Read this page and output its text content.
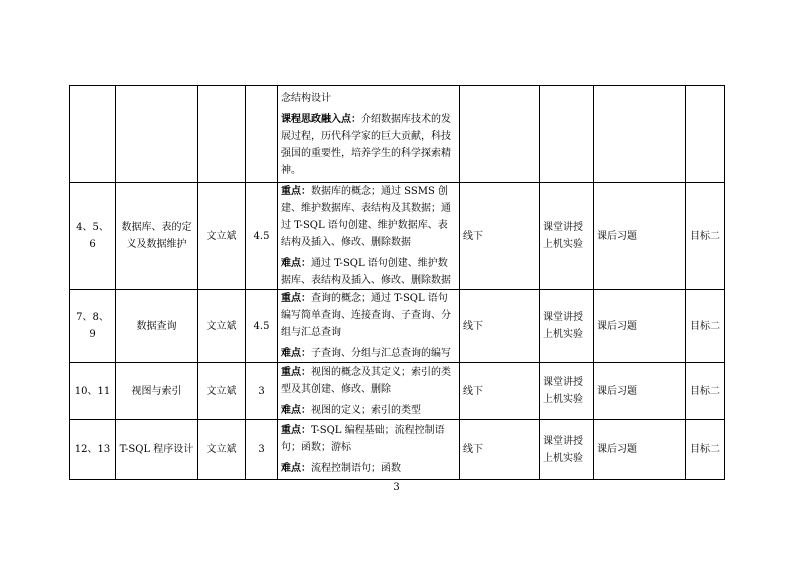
				念结构设计

课程思政融入点：介绍数据库技术的发展过程，历代科学家的巨大贡献，科技强国的重要性，培养学生的科学探索精神。				

4、5、6	数据库、表的定义及数据维护	文立斌	4.5	重点：数据库的概念；通过 SSMS 创建、维护数据库、表结构及其数据；通过 T-SQL 语句创建、维护数据库、表结构及插入、修改、删除数据

难点：通过 T-SQL 语句创建、维护数据库、表结构及插入、修改、删除数据	线下	课堂讲授上机实验	课后习题	目标二
7、8、9	数据查询	文立斌	4.5	重点：查询的概念；通过 T-SQL 语句编写简单查询、连接查询、子查询、分组与汇总查询

难点：子查询、分组与汇总查询的编写	线下	课堂讲授上机实验	课后习题	目标二
10、11	视图与索引	文立斌	3	重点：视图的概念及其定义；索引的类型及其创建、修改、删除

难点：视图的定义；索引的类型	线下	课堂讲授上机实验	课后习题	目标二
12、13	T-SQL 程序设计	文立斌	3	重点：T-SQL 编程基础；流程控制语句；函数；游标

难点：流程控制语句；函数	线下	课堂讲授上机实验	课后习题	目标二
3
